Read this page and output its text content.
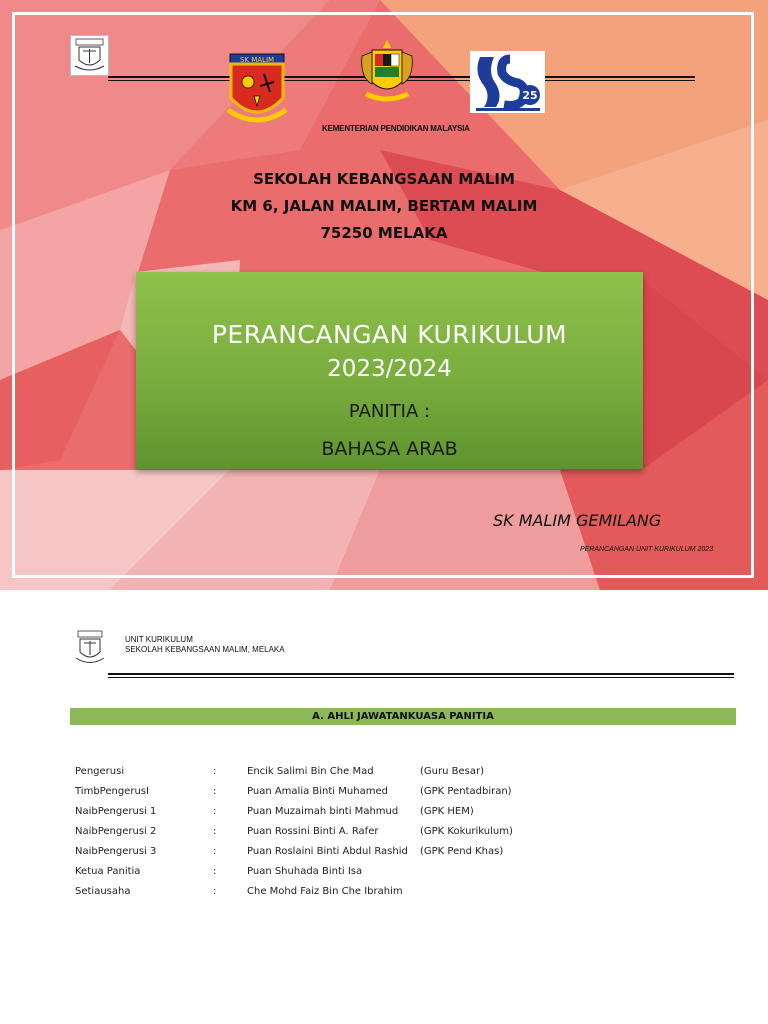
SK MALIM
KEMENTERIAN PENDIDIKAN MALAYSIA
25
SEKOLAH KEBANGSAAN MALIM
KM 6, JALAN MALIM, BERTAM MALIM
75250 MELAKA
PERANCANGAN KURIKULUM
2023/2024
PANITIA :
BAHASA ARAB
SK MALIM GEMILANG
PERANCANGAN UNIT KURIKULUM 2023
UNIT KURIKULUM
SEKOLAH KEBANGSAAN MALIM, MELAKA
A. AHLI JAWATANKUASA PANITIA
Pengerusi	:	Encik Salimi Bin Che Mad	(Guru Besar)
TimbPengerusI	:	Puan Amalia Binti Muhamed	(GPK Pentadbiran)
NaibPengerusi 1	:	Puan Muzaimah binti Mahmud (GPK HEM)
NaibPengerusi 2	:	Puan Rossini Binti A. Rafer	(GPK Kokurikulum)
NaibPengerusi 3	:	Puan Roslaini Binti Abdul Rashid (GPK Pend Khas)
Ketua Panitia	:	Puan Shuhada Binti Isa
Setiausaha	:	Che Mohd Faiz Bin Che Ibrahim
